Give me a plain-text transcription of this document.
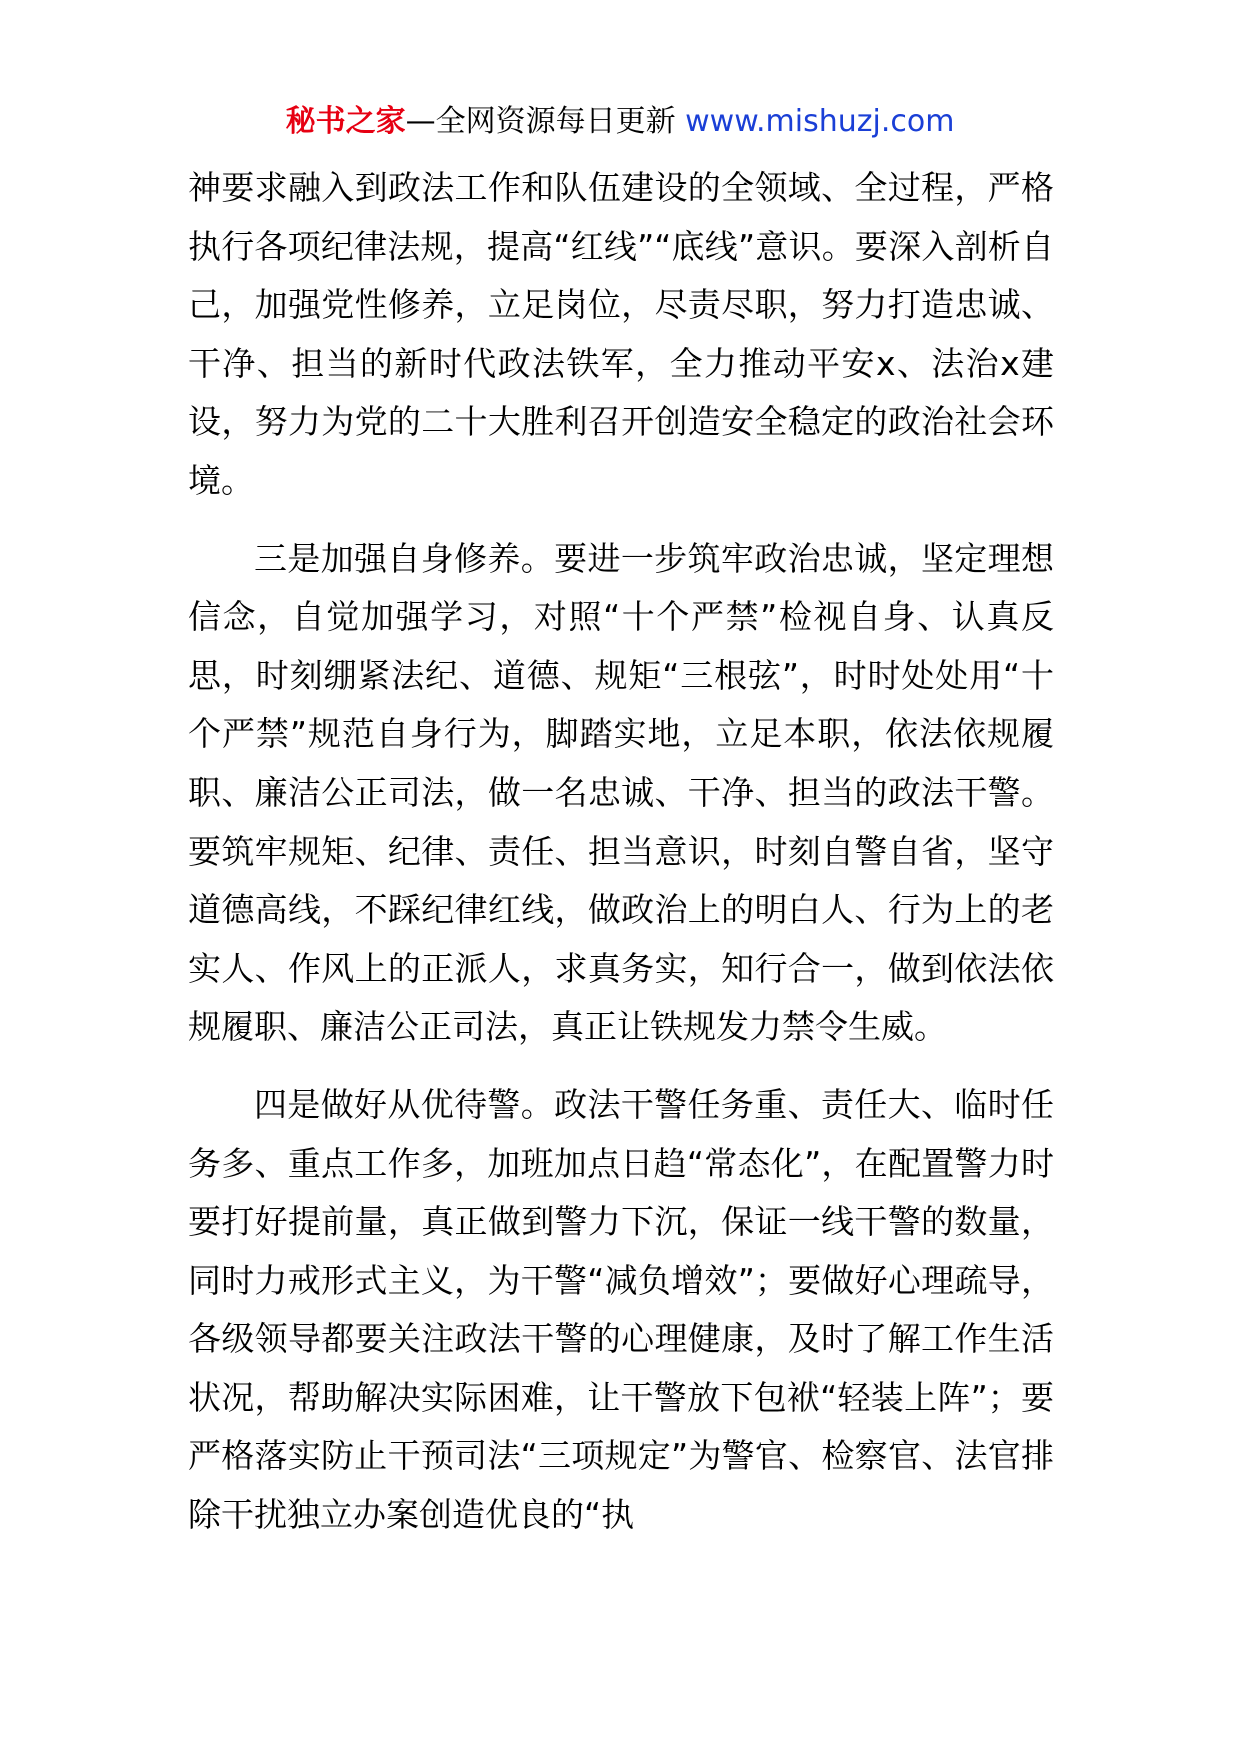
秘书之家—全网资源每日更新 www.mishuzj.com

神要求融入到政法工作和队伍建设的全领域、全过程，严格执行各项纪律法规，提高“红线”“底线”意识。要深入剖析自己，加强党性修养，立足岗位，尽责尽职，努力打造忠诚、干净、担当的新时代政法铁军，全力推动平安x、法治x建设，努力为党的二十大胜利召开创造安全稳定的政治社会环境。

三是加强自身修养。要进一步筑牢政治忠诚，坚定理想信念，自觉加强学习，对照“十个严禁”检视自身、认真反思，时刻绷紧法纪、道德、规矩“三根弦”，时时处处用“十个严禁”规范自身行为，脚踏实地，立足本职，依法依规履职、廉洁公正司法，做一名忠诚、干净、担当的政法干警。要筑牢规矩、纪律、责任、担当意识，时刻自警自省，坚守道德高线，不踩纪律红线，做政治上的明白人、行为上的老实人、作风上的正派人，求真务实，知行合一，做到依法依规履职、廉洁公正司法，真正让铁规发力禁令生威。

四是做好从优待警。政法干警任务重、责任大、临时任务多、重点工作多，加班加点日趋“常态化”，在配置警力时要打好提前量，真正做到警力下沉，保证一线干警的数量，同时力戒形式主义，为干警“减负增效”；要做好心理疏导，各级领导都要关注政法干警的心理健康，及时了解工作生活状况，帮助解决实际困难，让干警放下包袱“轻装上阵”；要严格落实防止干预司法“三项规定”为警官、检察官、法官排除干扰独立办案创造优良的“执
